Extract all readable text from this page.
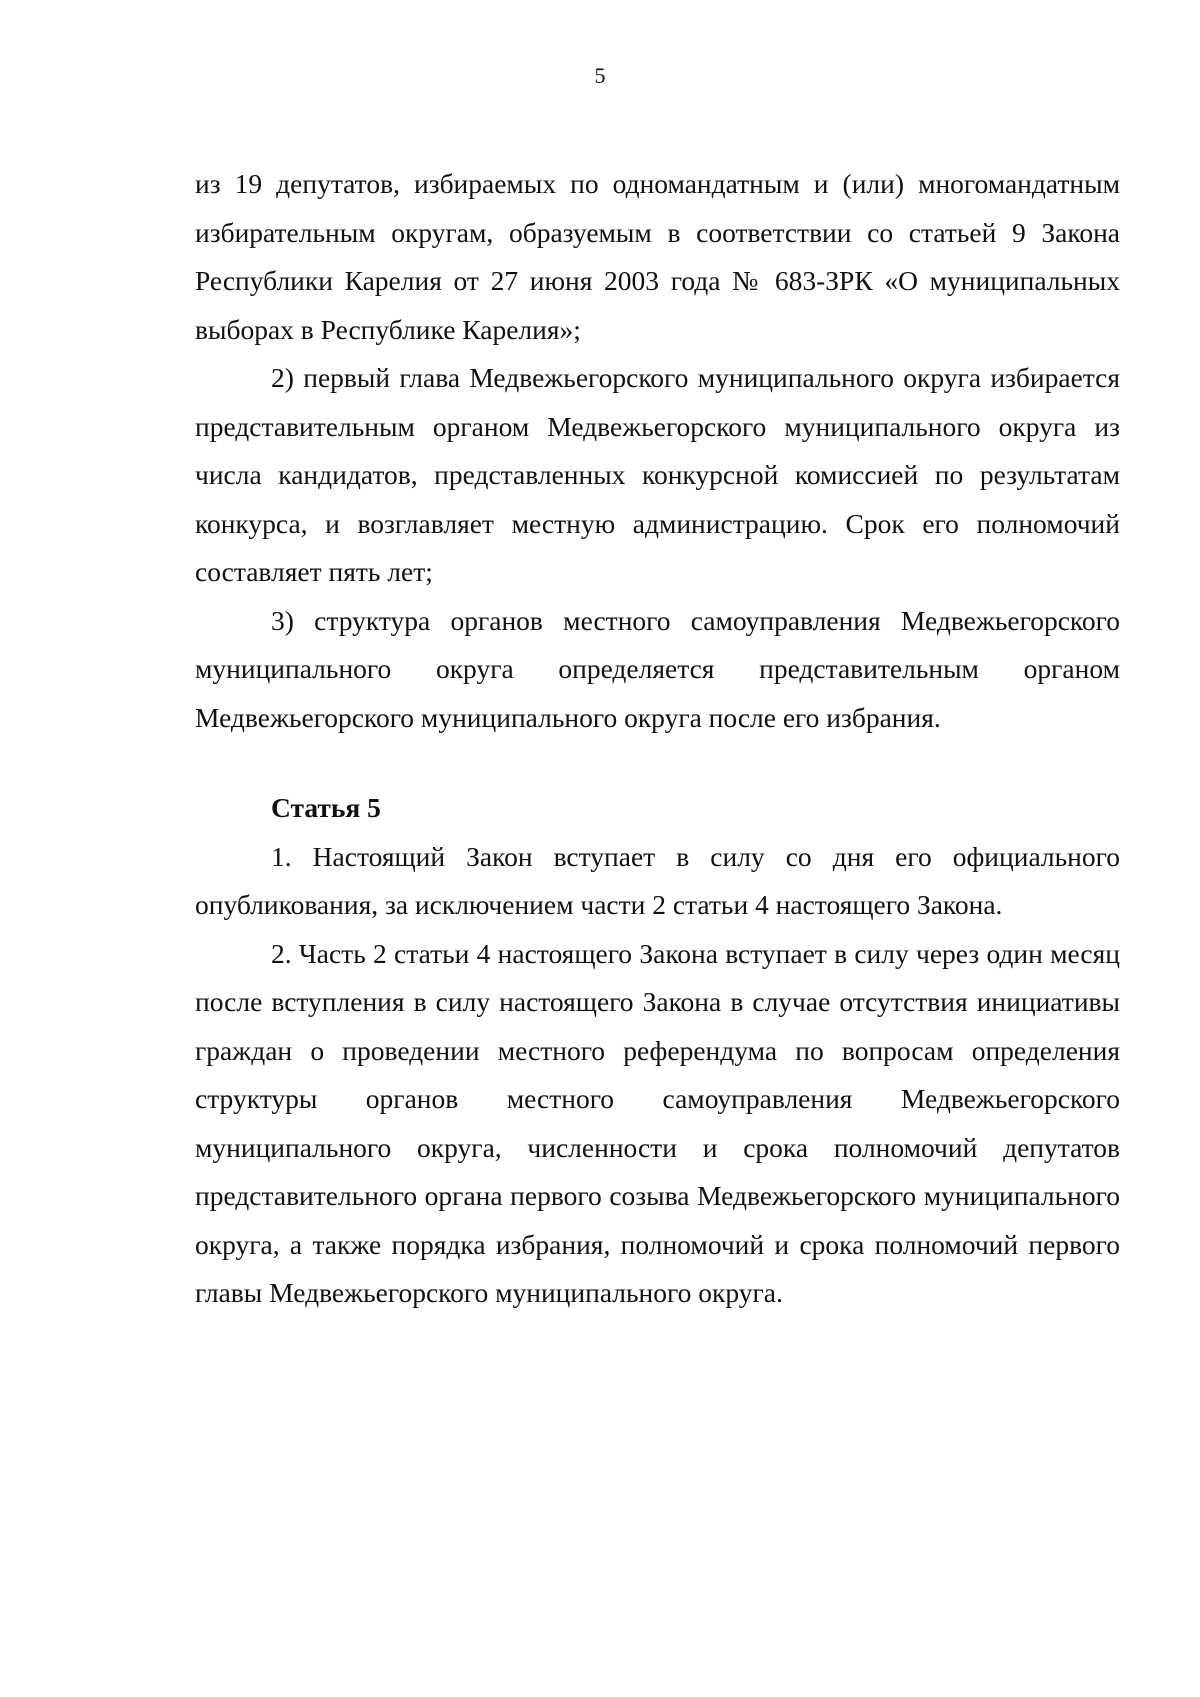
5

из 19 депутатов, избираемых по одномандатным и (или) многомандатным избирательным округам, образуемым в соответствии со статьей 9 Закона Республики Карелия от 27 июня 2003 года № 683-ЗРК «О муниципальных выборах в Республике Карелия»;

2) первый глава Медвежьегорского муниципального округа избирается представительным органом Медвежьегорского муниципального округа из числа кандидатов, представленных конкурсной комиссией по результатам конкурса, и возглавляет местную администрацию. Срок его полномочий составляет пять лет;

3) структура органов местного самоуправления Медвежьегорского муниципального округа определяется представительным органом Медвежьегорского муниципального округа после его избрания.

Статья 5

1. Настоящий Закон вступает в силу со дня его официального опубликования, за исключением части 2 статьи 4 настоящего Закона.

2. Часть 2 статьи 4 настоящего Закона вступает в силу через один месяц после вступления в силу настоящего Закона в случае отсутствия инициативы граждан о проведении местного референдума по вопросам определения структуры органов местного самоуправления Медвежьегорского муниципального округа, численности и срока полномочий депутатов представительного органа первого созыва Медвежьегорского муниципального округа, а также порядка избрания, полномочий и срока полномочий первого главы Медвежьегорского муниципального округа.
